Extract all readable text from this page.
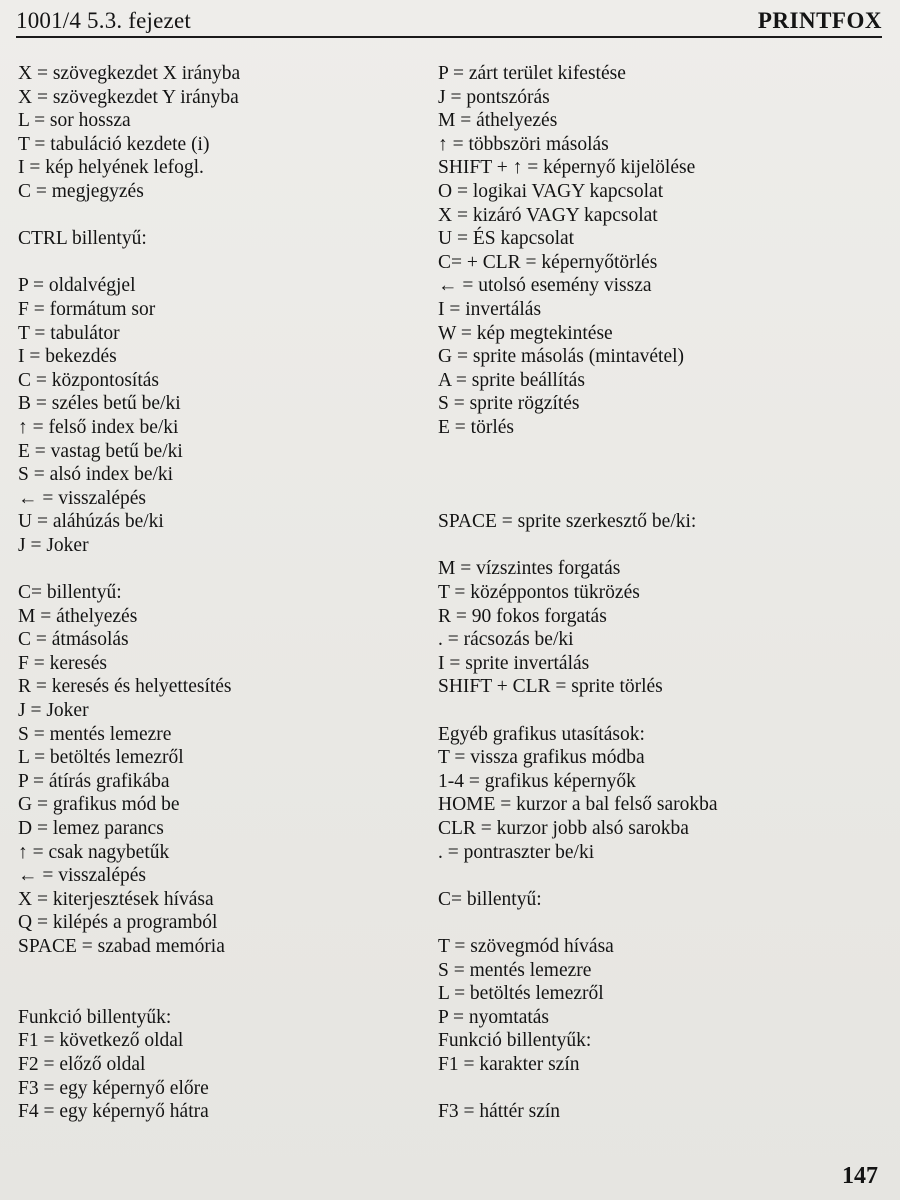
1001/4 5.3. fejezet	PRINTFOX
X = szövegkezdet X irányba
X = szövegkezdet Y irányba
L = sor hossza
T = tabuláció kezdete (i)
I = kép helyének lefogl.
C = megjegyzés
CTRL billentyű:
P = oldalvégjel
F = formátum sor
T = tabulátor
I = bekezdés
C = központosítás
B = széles betű be/ki
↑ = felső index be/ki
E = vastag betű be/ki
S = alsó index be/ki
← = visszalépés
U = aláhúzás be/ki
J = Joker
C= billentyű:
M = áthelyezés
C = átmásolás
F = keresés
R = keresés és helyettesítés
J = Joker
S = mentés lemezre
L = betöltés lemezről
P = átírás grafikába
G = grafikus mód be
D = lemez parancs
↑ = csak nagybetűk
← = visszalépés
X = kiterjesztések hívása
Q = kilépés a programból
SPACE = szabad memória
Funkció billentyűk:
F1 = következő oldal
F2 = előző oldal
F3 = egy képernyő előre
F4 = egy képernyő hátra
P = zárt terület kifestése
J = pontszórás
M = áthelyezés
↑ = többszöri másolás
SHIFT + ↑ = képernyő kijelölése
O = logikai VAGY kapcsolat
X = kizáró VAGY kapcsolat
U = ÉS kapcsolat
C= + CLR = képernyőtörlés
← = utolsó esemény vissza
I = invertálás
W = kép megtekintése
G = sprite másolás (mintavétel)
A = sprite beállítás
S = sprite rögzítés
E = törlés
SPACE = sprite szerkesztő be/ki:
M = vízszintes forgatás
T = középpontos tükrözés
R = 90 fokos forgatás
. = rácsozás be/ki
I = sprite invertálás
SHIFT + CLR = sprite törlés
Egyéb grafikus utasítások:
T = vissza grafikus módba
1-4 = grafikus képernyők
HOME = kurzor a bal felső sarokba
CLR = kurzor jobb alsó sarokba
. = pontraszter be/ki
C= billentyű:
T = szövegmód hívása
S = mentés lemezre
L = betöltés lemezről
P = nyomtatás
Funkció billentyűk:
F1 = karakter szín
F3 = háttér szín
147
